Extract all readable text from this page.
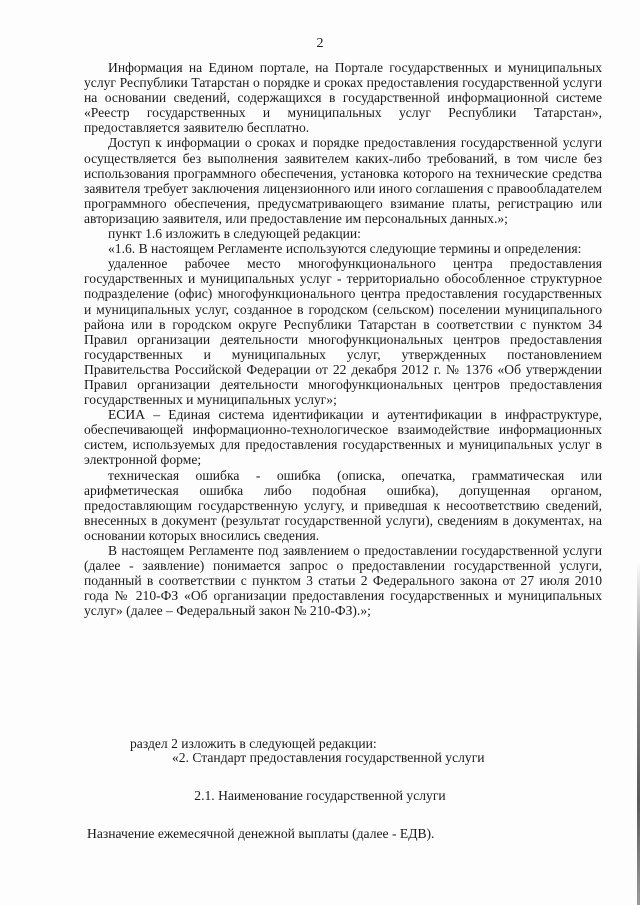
2

Информация на Едином портале, на Портале государственных и муниципальных услуг Республики Татарстан о порядке и сроках предоставления государственной услуги на основании сведений, содержащихся в государственной информационной системе «Реестр государственных и муниципальных услуг Республики Татарстан», предоставляется заявителю бесплатно.

Доступ к информации о сроках и порядке предоставления государственной услуги осуществляется без выполнения заявителем каких-либо требований, в том числе без использования программного обеспечения, установка которого на технические средства заявителя требует заключения лицензионного или иного соглашения с правообладателем программного обеспечения, предусматривающего взимание платы, регистрацию или авторизацию заявителя, или предоставление им персональных данных.»;

пункт 1.6 изложить в следующей редакции:

«1.6. В настоящем Регламенте используются следующие термины и определения:

удаленное рабочее место многофункционального центра предоставления государственных и муниципальных услуг - территориально обособленное структурное подразделение (офис) многофункционального центра предоставления государственных и муниципальных услуг, созданное в городском (сельском) поселении муниципального района или в городском округе Республики Татарстан в соответствии с пунктом 34 Правил организации деятельности многофункциональных центров предоставления государственных и муниципальных услуг, утвержденных постановлением Правительства Российской Федерации от 22 декабря 2012 г. № 1376 «Об утверждении Правил организации деятельности многофункциональных центров предоставления государственных и муниципальных услуг»;

ЕСИА – Единая система идентификации и аутентификации в инфраструктуре, обеспечивающей информационно-технологическое взаимодействие информационных систем, используемых для предоставления государственных и муниципальных услуг в электронной форме;

техническая ошибка - ошибка (описка, опечатка, грамматическая или арифметическая ошибка либо подобная ошибка), допущенная органом, предоставляющим государственную услугу, и приведшая к несоответствию сведений, внесенных в документ (результат государственной услуги), сведениям в документах, на основании которых вносились сведения.

В настоящем Регламенте под заявлением о предоставлении государственной услуги (далее - заявление) понимается запрос о предоставлении государственной услуги, поданный в соответствии с пунктом 3 статьи 2 Федерального закона от 27 июля 2010 года № 210-ФЗ «Об организации предоставления государственных и муниципальных услуг» (далее – Федеральный закон № 210-ФЗ).»;

раздел 2 изложить в следующей редакции:
«2. Стандарт предоставления государственной услуги
2.1. Наименование государственной услуги
Назначение ежемесячной денежной выплаты (далее - ЕДВ).
